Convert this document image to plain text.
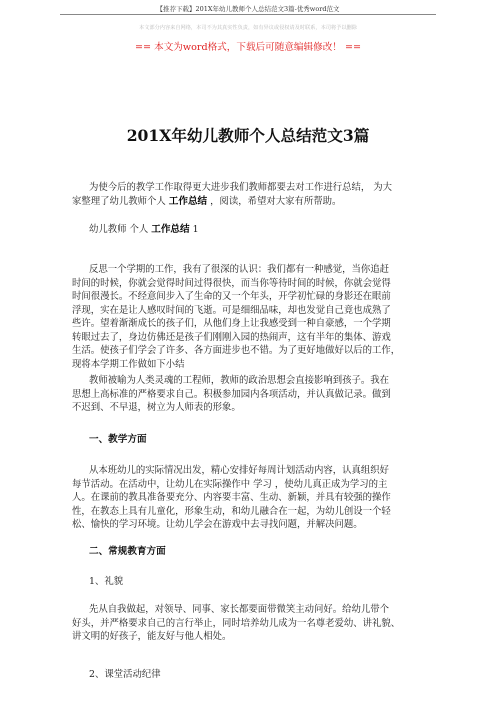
【推荐下载】201X年幼儿教师个人总结范文3篇-优秀word范文
本文部分内容来自网络，本司不为其真实性负责，如有异议或侵权请及时联系，本司将予以删除
== 本文为word格式，下载后可随意编辑修改！ ==
201X年幼儿教师个人总结范文3篇
为使今后的教学工作取得更大进步我们教师都要去对工作进行总结， 为大
家整理了幼儿教师个人 工作总结 ，阅读，希望对大家有所帮助。
幼儿教师 个人 工作总结 1
反思一个学期的工作，我有了很深的认识：我们都有一种感觉，当你追赶
时间的时候，你就会觉得时间过得很快，而当你等待时间的时候，你就会觉得
时间很漫长。不经意间步入了生命的又一个年头，开学初忙碌的身影还在眼前
浮现，实在是让人感叹时间的飞逝。可是细细品味，却也发觉自己竟也成熟了
些许。望着渐渐成长的孩子们，从他们身上让我感受到一种自豪感，一个学期
转眼过去了，身边仿佛还是孩子们刚刚入园的热闹声，这有半年的集体、游戏
生活。使孩子们学会了许多、各方面进步也不错。为了更好地做好以后的工作，
现将本学期工作做如下小结
教师被喻为人类灵魂的工程师，教师的政治思想会直接影响到孩子。我在
思想上高标准的严格要求自己。积极参加园内各项活动，并认真做记录。做到
不迟到、不早退，树立为人师表的形象。
一、教学方面
从本班幼儿的实际情况出发，精心安排好每周计划活动内容，认真组织好
每节活动。在活动中，让幼儿在实际操作中 学习 ，使幼儿真正成为学习的主
人。在课前的教具准备要充分、内容要丰富、生动、新颖，并具有较强的操作
性，在教态上具有儿童化，形象生动，和幼儿融合在一起，为幼儿创设一个轻
松、愉快的学习环境。让幼儿学会在游戏中去寻找问题，并解决问题。
二、常规教育方面
1、礼貌
先从自我做起，对领导、同事、家长都要面带微笑主动问好。给幼儿带个
好头，并严格要求自己的言行举止，同时培养幼儿成为一名尊老爱幼、讲礼貌、
讲文明的好孩子，能友好与他人相处。
2、课堂活动纪律
